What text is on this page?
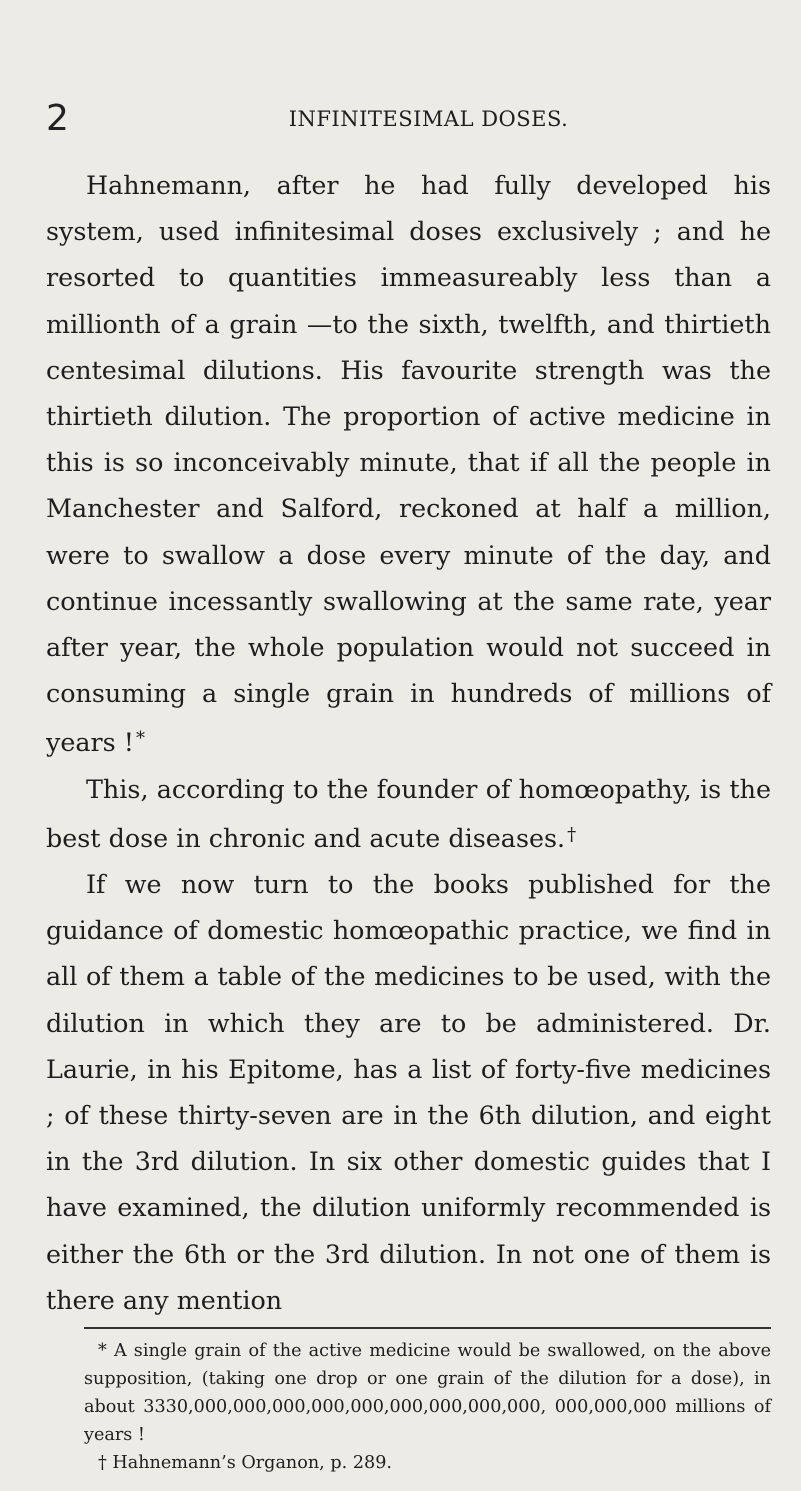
2	INFINITESIMAL DOSES.

Hahnemann, after he had fully developed his system, used infinitesimal doses exclusively ; and he resorted to quantities immeasureably less than a millionth of a grain —to the sixth, twelfth, and thirtieth centesimal dilutions. His favourite strength was the thirtieth dilution. The proportion of active medicine in this is so inconceivably minute, that if all the people in Manchester and Salford, reckoned at half a million, were to swallow a dose every minute of the day, and continue incessantly swallowing at the same rate, year after year, the whole population would not succeed in consuming a single grain in hundreds of millions of years ! *

This, according to the founder of homœopathy, is the best dose in chronic and acute diseases. †

If we now turn to the books published for the guidance of domestic homœopathic practice, we find in all of them a table of the medicines to be used, with the dilution in which they are to be administered. Dr. Laurie, in his Epitome, has a list of forty-five medicines ; of these thirty-seven are in the 6th dilution, and eight in the 3rd dilution. In six other domestic guides that I have examined, the dilution uniformly recommended is either the 6th or the 3rd dilution. In not one of them is there any mention

* A single grain of the active medicine would be swallowed, on the above supposition, (taking one drop or one grain of the dilution for a dose), in about 3330,000,000,000,000,000,000,000,000,000, 000,000,000 millions of years !

† Hahnemann’s Organon, p. 289.
